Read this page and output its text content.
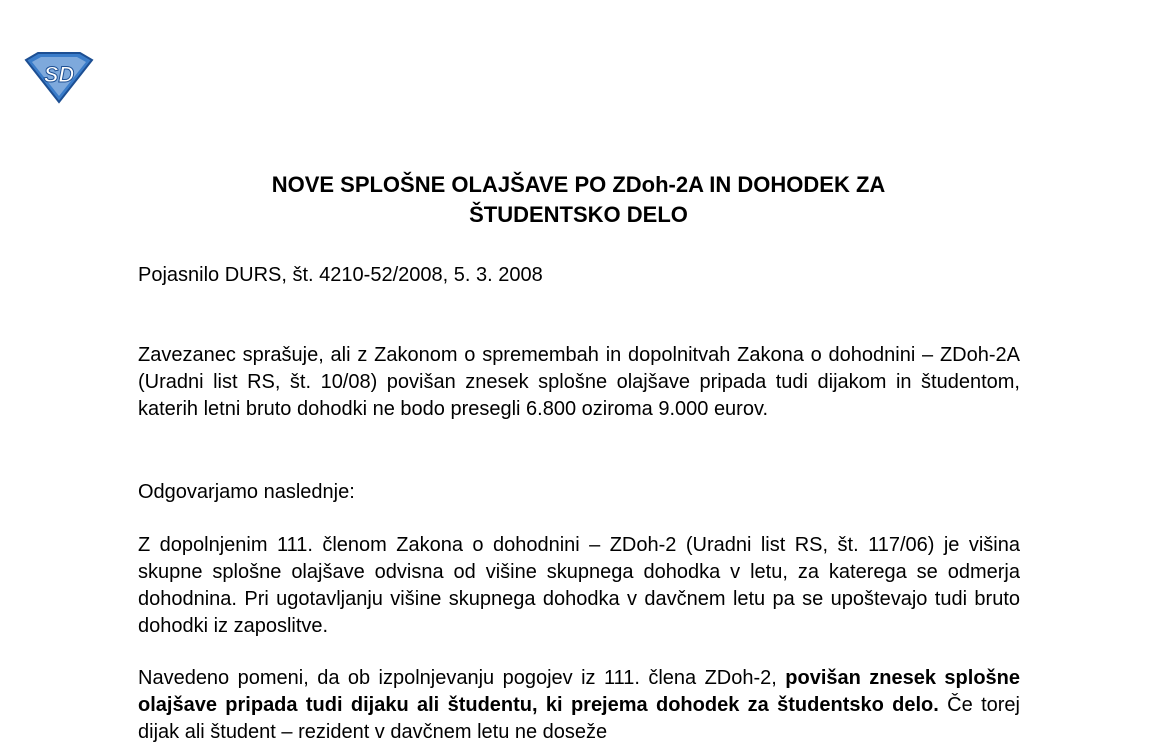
SD
NOVE SPLOŠNE OLAJŠAVE PO ZDoh-2A IN DOHODEK ZA
ŠTUDENTSKO DELO
Pojasnilo DURS, št. 4210-52/2008, 5. 3. 2008

Zavezanec sprašuje, ali z Zakonom o spremembah in dopolnitvah Zakona o dohodnini – ZDoh-2A (Uradni list RS, št. 10/08) povišan znesek splošne olajšave pripada tudi dijakom in študentom, katerih letni bruto dohodki ne bodo presegli 6.800 oziroma 9.000 eurov.

Odgovarjamo naslednje:

Z dopolnjenim 111. členom Zakona o dohodnini – ZDoh-2 (Uradni list RS, št. 117/06) je višina skupne splošne olajšave odvisna od višine skupnega dohodka v letu, za katerega se odmerja dohodnina. Pri ugotavljanju višine skupnega dohodka v davčnem letu pa se upoštevajo tudi bruto dohodki iz zaposlitve.

Navedeno pomeni, da ob izpolnjevanju pogojev iz 111. člena ZDoh-2, povišan znesek splošne olajšave pripada tudi dijaku ali študentu, ki prejema dohodek za študentsko delo. Če torej dijak ali študent – rezident v davčnem letu ne doseže
